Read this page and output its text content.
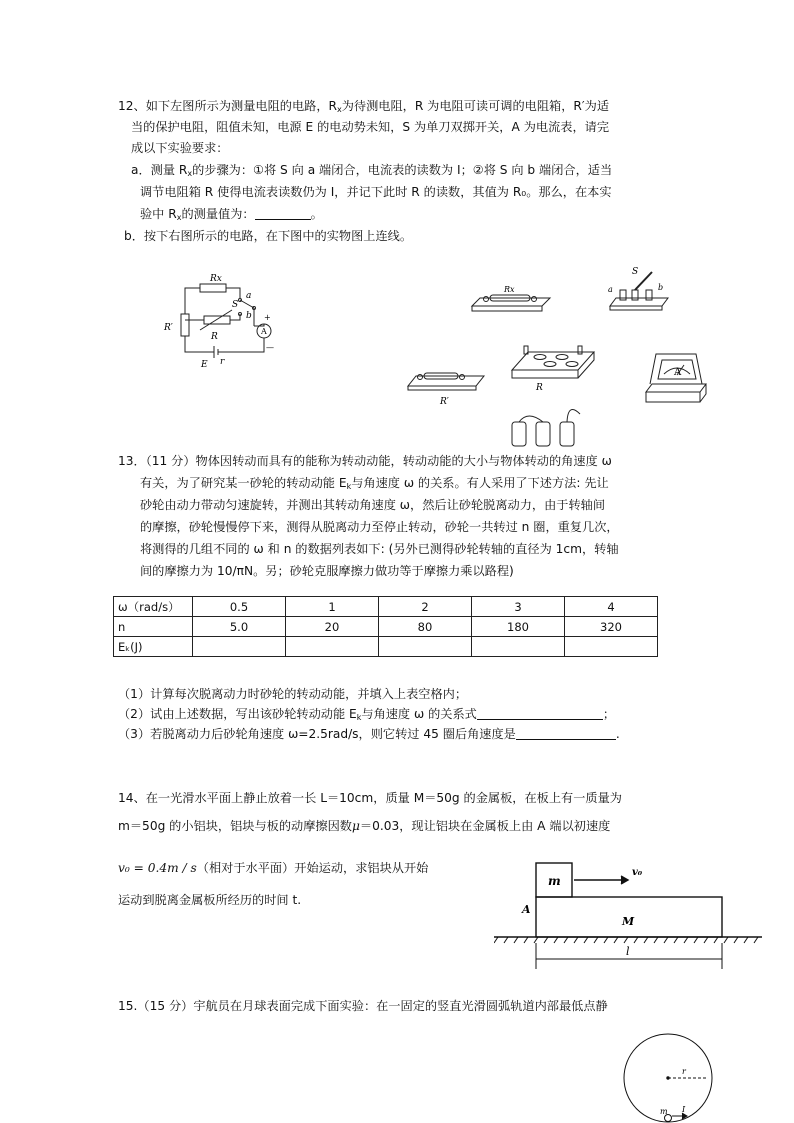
12、如下左图所示为测量电阻的电路，$R_x$为待测电阻，R 为电阻可读可调的电阻箱，R′为适
当的保护电阻，阻值未知，电源 E 的电动势未知，S 为单刀双掷开关，A 为电流表，请完
成以下实验要求：
a．测量 $R_x$的步骤为：①将 S 向 a 端闭合，电流表的读数为 I；②将 S 向 b 端闭合，适当
调节电阻箱 R 使得电流表读数仍为 I，并记下此时 R 的读数，其值为 R₀。那么，在本实
验中 $R_x$的测量值为：	。
b．按下右图所示的电路，在下图中的实物图上连线。
Rx
S
a
b
R
R′
E r
A
+
—
Rx
S
a	b
R
R′
A
13．（11 分）物体因转动而具有的能称为转动动能，转动动能的大小与物体转动的角速度 ω
有关，为了研究某一砂轮的转动动能 $E_k$与角速度 ω 的关系。有人采用了下述方法: 先让
砂轮由动力带动匀速旋转，并测出其转动角速度 ω，然后让砂轮脱离动力，由于转轴间
的摩擦，砂轮慢慢停下来，测得从脱离动力至停止转动，砂轮一共转过 n 圈，重复几次，
将测得的几组不同的 ω 和 n 的数据列表如下: (另外已测得砂轮转轴的直径为 1cm，转轴
间的摩擦力为 10/πN。另；砂轮克服摩擦力做功等于摩擦力乘以路程)
ω（rad/s）	0.5	1	2	3	4
n	5.0	20	80	180	320
Eₖ(J)					
（1）计算每次脱离动力时砂轮的转动动能，并填入上表空格内；
（2）试由上述数据，写出该砂轮转动动能 $E_k$与角速度 ω 的关系式	；
（3）若脱离动力后砂轮角速度 ω=2.5rad/s，则它转过 45 圈后角速度是	.
14、在一光滑水平面上静止放着一长 L＝10cm，质量 M＝50g 的金属板，在板上有一质量为
m＝50g 的小铝块，铝块与板的动摩擦因数μ＝0.03，现让铝块在金属板上由 A 端以初速度
v₀ = 0.4m / s（相对于水平面）开始运动，求铝块从开始
运动到脱离金属板所经历的时间 t.
m
v₀
A
M
l
15.（15 分）宇航员在月球表面完成下面实验：在一固定的竖直光滑圆弧轨道内部最低点静
r
m I
